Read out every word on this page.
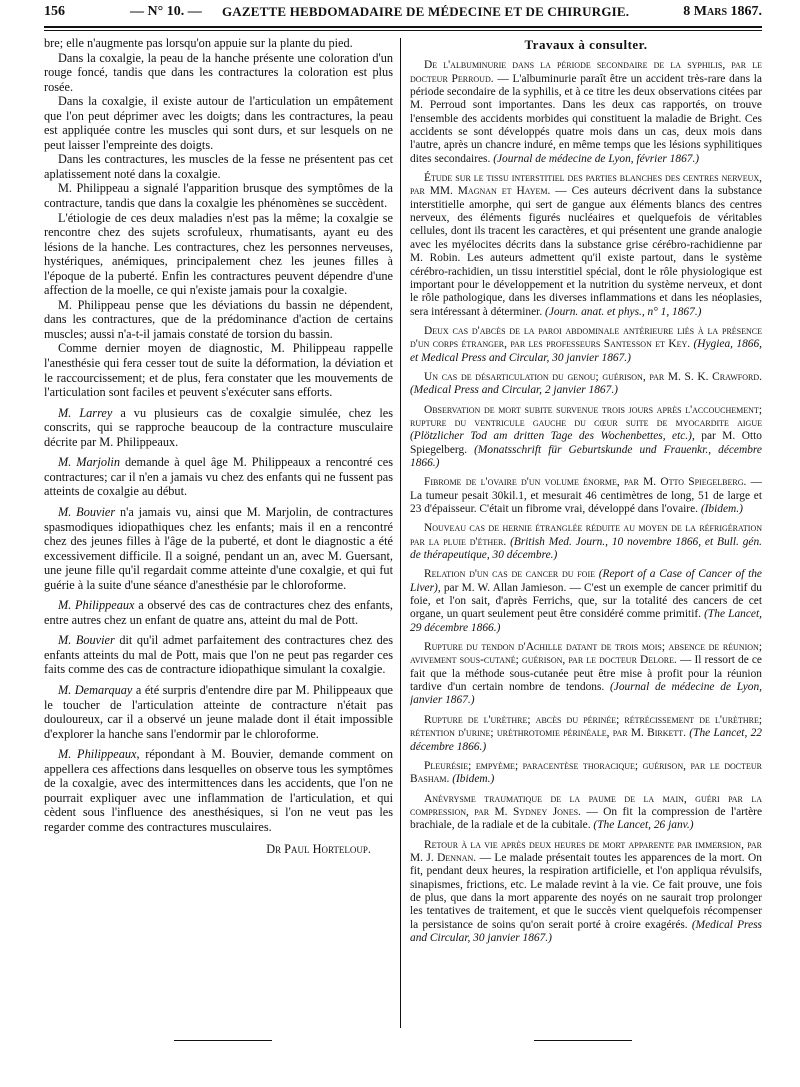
156	— N° 10. — GAZETTE HEBDOMADAIRE DE MÉDECINE ET DE CHIRURGIE.	8 Mars 1867.

bre; elle n'augmente pas lorsqu'on appuie sur la plante du pied.

Dans la coxalgie, la peau de la hanche présente une coloration d'un rouge foncé, tandis que dans les contractures la coloration est plus rosée.

Dans la coxalgie, il existe autour de l'articulation un empâtement que l'on peut déprimer avec les doigts; dans les contractures, la peau est appliquée contre les muscles qui sont durs, et sur lesquels on ne peut laisser l'empreinte des doigts.

Dans les contractures, les muscles de la fesse ne présentent pas cet aplatissement noté dans la coxalgie.

M. Philippeau a signalé l'apparition brusque des symptômes de la contracture, tandis que dans la coxalgie les phénomènes se succèdent.

L'étiologie de ces deux maladies n'est pas la même; la coxalgie se rencontre chez des sujets scrofuleux, rhumatisants, ayant eu des lésions de la hanche. Les contractures, chez les personnes nerveuses, hystériques, anémiques, principalement chez les jeunes filles à l'époque de la puberté. Enfin les contractures peuvent dépendre d'une affection de la moelle, ce qui n'existe jamais pour la coxalgie.

M. Philippeau pense que les déviations du bassin ne dépendent, dans les contractures, que de la prédominance d'action de certains muscles; aussi n'a-t-il jamais constaté de torsion du bassin.

Comme dernier moyen de diagnostic, M. Philippeau rappelle l'anesthésie qui fera cesser tout de suite la déformation, la déviation et le raccourcissement; et de plus, fera constater que les mouvements de l'articulation sont faciles et peuvent s'exécuter sans efforts.

M. Larrey a vu plusieurs cas de coxalgie simulée, chez les conscrits, qui se rapproche beaucoup de la contracture musculaire décrite par M. Philippeaux.

M. Marjolin demande à quel âge M. Philippeaux a rencontré ces contractures; car il n'en a jamais vu chez des enfants qui ne fussent pas atteints de coxalgie au début.

M. Bouvier n'a jamais vu, ainsi que M. Marjolin, de contractures spasmodiques idiopathiques chez les enfants; mais il en a rencontré chez des jeunes filles à l'âge de la puberté, et dont le diagnostic a été excessivement difficile. Il a soigné, pendant un an, avec M. Guersant, une jeune fille qu'il regardait comme atteinte d'une coxalgie, et qui fut guérie à la suite d'une séance d'anesthésie par le chloroforme.

M. Philippeaux a observé des cas de contractures chez des enfants, entre autres chez un enfant de quatre ans, atteint du mal de Pott.

M. Bouvier dit qu'il admet parfaitement des contractures chez des enfants atteints du mal de Pott, mais que l'on ne peut pas regarder ces faits comme des cas de contracture idiopathique simulant la coxalgie.

M. Demarquay a été surpris d'entendre dire par M. Philippeaux que le toucher de l'articulation atteinte de contracture n'était pas douloureux, car il a observé un jeune malade dont il était impossible d'explorer la hanche sans l'endormir par le chloroforme.

M. Philippeaux, répondant à M. Bouvier, demande comment on appellera ces affections dans lesquelles on observe tous les symptômes de la coxalgie, avec des intermittences dans les accidents, que l'on ne pourrait expliquer avec une inflammation de l'articulation, et qui cèdent sous l'influence des anesthésiques, si l'on ne veut pas les regarder comme des contractures musculaires.

Dr Paul Horteloup.

Travaux à consulter.

De l'albuminurie dans la période secondaire de la syphilis, par le docteur Perroud. — L'albuminurie paraît être un accident très-rare dans la période secondaire de la syphilis, et à ce titre les deux observations citées par M. Perroud sont importantes. Dans les deux cas rapportés, on trouve l'ensemble des accidents morbides qui constituent la maladie de Bright. Ces accidents se sont développés quatre mois dans un cas, deux mois dans l'autre, après un chancre induré, en même temps que les lésions syphilitiques dites secondaires. (Journal de médecine de Lyon, février 1867.)

Étude sur le tissu interstitiel des parties blanches des centres nerveux, par MM. Magnan et Hayem. — Ces auteurs décrivent dans la substance interstitielle amorphe, qui sert de gangue aux éléments blancs des centres nerveux, des éléments figurés nucléaires et quelquefois de véritables cellules, dont ils tracent les caractères, et qui présentent une grande analogie avec les myélocites décrits dans la substance grise cérébro-rachidienne par M. Robin. Les auteurs admettent qu'il existe partout, dans le système cérébro-rachidien, un tissu interstitiel spécial, dont le rôle physiologique est important pour le développement et la nutrition du système nerveux, et dont le rôle pathologique, dans les diverses inflammations et dans les néoplasies, sera intéressant à déterminer. (Journ. anat. et phys., n° 1, 1867.)

Deux cas d'abcès de la paroi abdominale antérieure liés à la présence d'un corps étranger, par les professeurs Santesson et Key. (Hygiea, 1866, et Medical Press and Circular, 30 janvier 1867.)

Un cas de désarticulation du genou; guérison, par M. S. K. Crawford. (Medical Press and Circular, 2 janvier 1867.)

Observation de mort subite survenue trois jours après l'accouchement; rupture du ventricule gauche du cœur suite de myocardite aigue (Plötzlicher Tod am dritten Tage des Wochenbettes, etc.), par M. Otto Spiegelberg. (Monatsschrift für Geburtskunde und Frauenkr., décembre 1866.)

Fibrome de l'ovaire d'un volume énorme, par M. Otto Spiegelberg. — La tumeur pesait 30kil.1, et mesurait 46 centimètres de long, 51 de large et 23 d'épaisseur. C'était un fibrome vrai, développé dans l'ovaire. (Ibidem.)

Nouveau cas de hernie étranglée réduite au moyen de la réfrigération par la pluie d'éther. (British Med. Journ., 10 novembre 1866, et Bull. gén. de thérapeutique, 30 décembre.)

Relation d'un cas de cancer du foie (Report of a Case of Cancer of the Liver), par M. W. Allan Jamieson. — C'est un exemple de cancer primitif du foie, et l'on sait, d'après Ferrichs, que, sur la totalité des cancers de cet organe, un quart seulement peut être considéré comme primitif. (The Lancet, 29 décembre 1866.)

Rupture du tendon d'Achille datant de trois mois; absence de réunion; avivement sous-cutané; guérison, par le docteur Delore. — Il ressort de ce fait que la méthode sous-cutanée peut être mise à profit pour la réunion tardive d'un certain nombre de tendons. (Journal de médecine de Lyon, janvier 1867.)

Rupture de l'urèthre; abcès du périnée; rétrécissement de l'urèthre; rétention d'urine; uréthrotomie périnéale, par M. Birkett. (The Lancet, 22 décembre 1866.)

Pleurésie; empyème; paracentèse thoracique; guérison, par le docteur Basham. (Ibidem.)

Anévrysme traumatique de la paume de la main, guéri par la compression, par M. Sydney Jones. — On fit la compression de l'artère brachiale, de la radiale et de la cubitale. (The Lancet, 26 janv.)

Retour à la vie après deux heures de mort apparente par immersion, par M. J. Dennan. — Le malade présentait toutes les apparences de la mort. On fit, pendant deux heures, la respiration artificielle, et l'on appliqua révulsifs, sinapismes, frictions, etc. Le malade revint à la vie. Ce fait prouve, une fois de plus, que dans la mort apparente des noyés on ne saurait trop prolonger les tentatives de traitement, et que le succès vient quelquefois récompenser la persistance de soins qu'on serait porté à croire exagérés. (Medical Press and Circular, 30 janvier 1867.)
